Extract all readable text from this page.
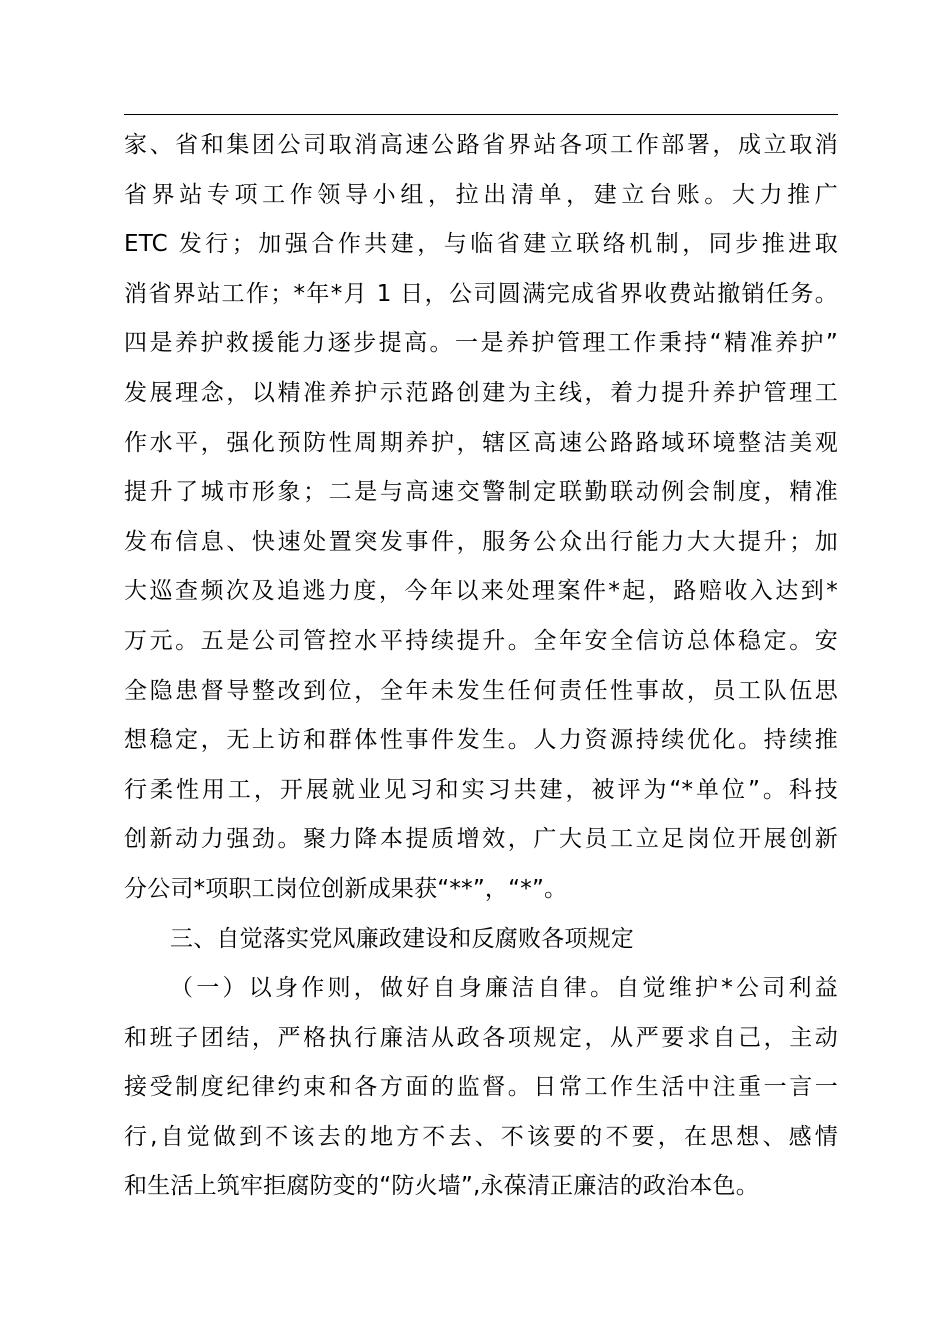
家、省和集团公司取消高速公路省界站各项工作部署，成立取消
省界站专项工作领导小组，拉出清单，建立台账。大力推广
ETC 发行；加强合作共建，与临省建立联络机制，同步推进取
消省界站工作；*年*月 1 日，公司圆满完成省界收费站撤销任务。
四是养护救援能力逐步提高。一是养护管理工作秉持“精准养护”
发展理念，以精准养护示范路创建为主线，着力提升养护管理工
作水平，强化预防性周期养护，辖区高速公路路域环境整洁美观
提升了城市形象；二是与高速交警制定联勤联动例会制度，精准
发布信息、快速处置突发事件，服务公众出行能力大大提升；加
大巡查频次及追逃力度，今年以来处理案件*起，路赔收入达到*
万元。五是公司管控水平持续提升。全年安全信访总体稳定。安
全隐患督导整改到位，全年未发生任何责任性事故，员工队伍思
想稳定，无上访和群体性事件发生。人力资源持续优化。持续推
行柔性用工，开展就业见习和实习共建，被评为“*单位”。科技
创新动力强劲。聚力降本提质增效，广大员工立足岗位开展创新
分公司*项职工岗位创新成果获“**”，“*”。
三、自觉落实党风廉政建设和反腐败各项规定
（一）以身作则，做好自身廉洁自律。自觉维护*公司利益
和班子团结，严格执行廉洁从政各项规定，从严要求自己，主动
接受制度纪律约束和各方面的监督。日常工作生活中注重一言一
行,自觉做到不该去的地方不去、不该要的不要，在思想、感情
和生活上筑牢拒腐防变的“防火墙”,永葆清正廉洁的政治本色。
